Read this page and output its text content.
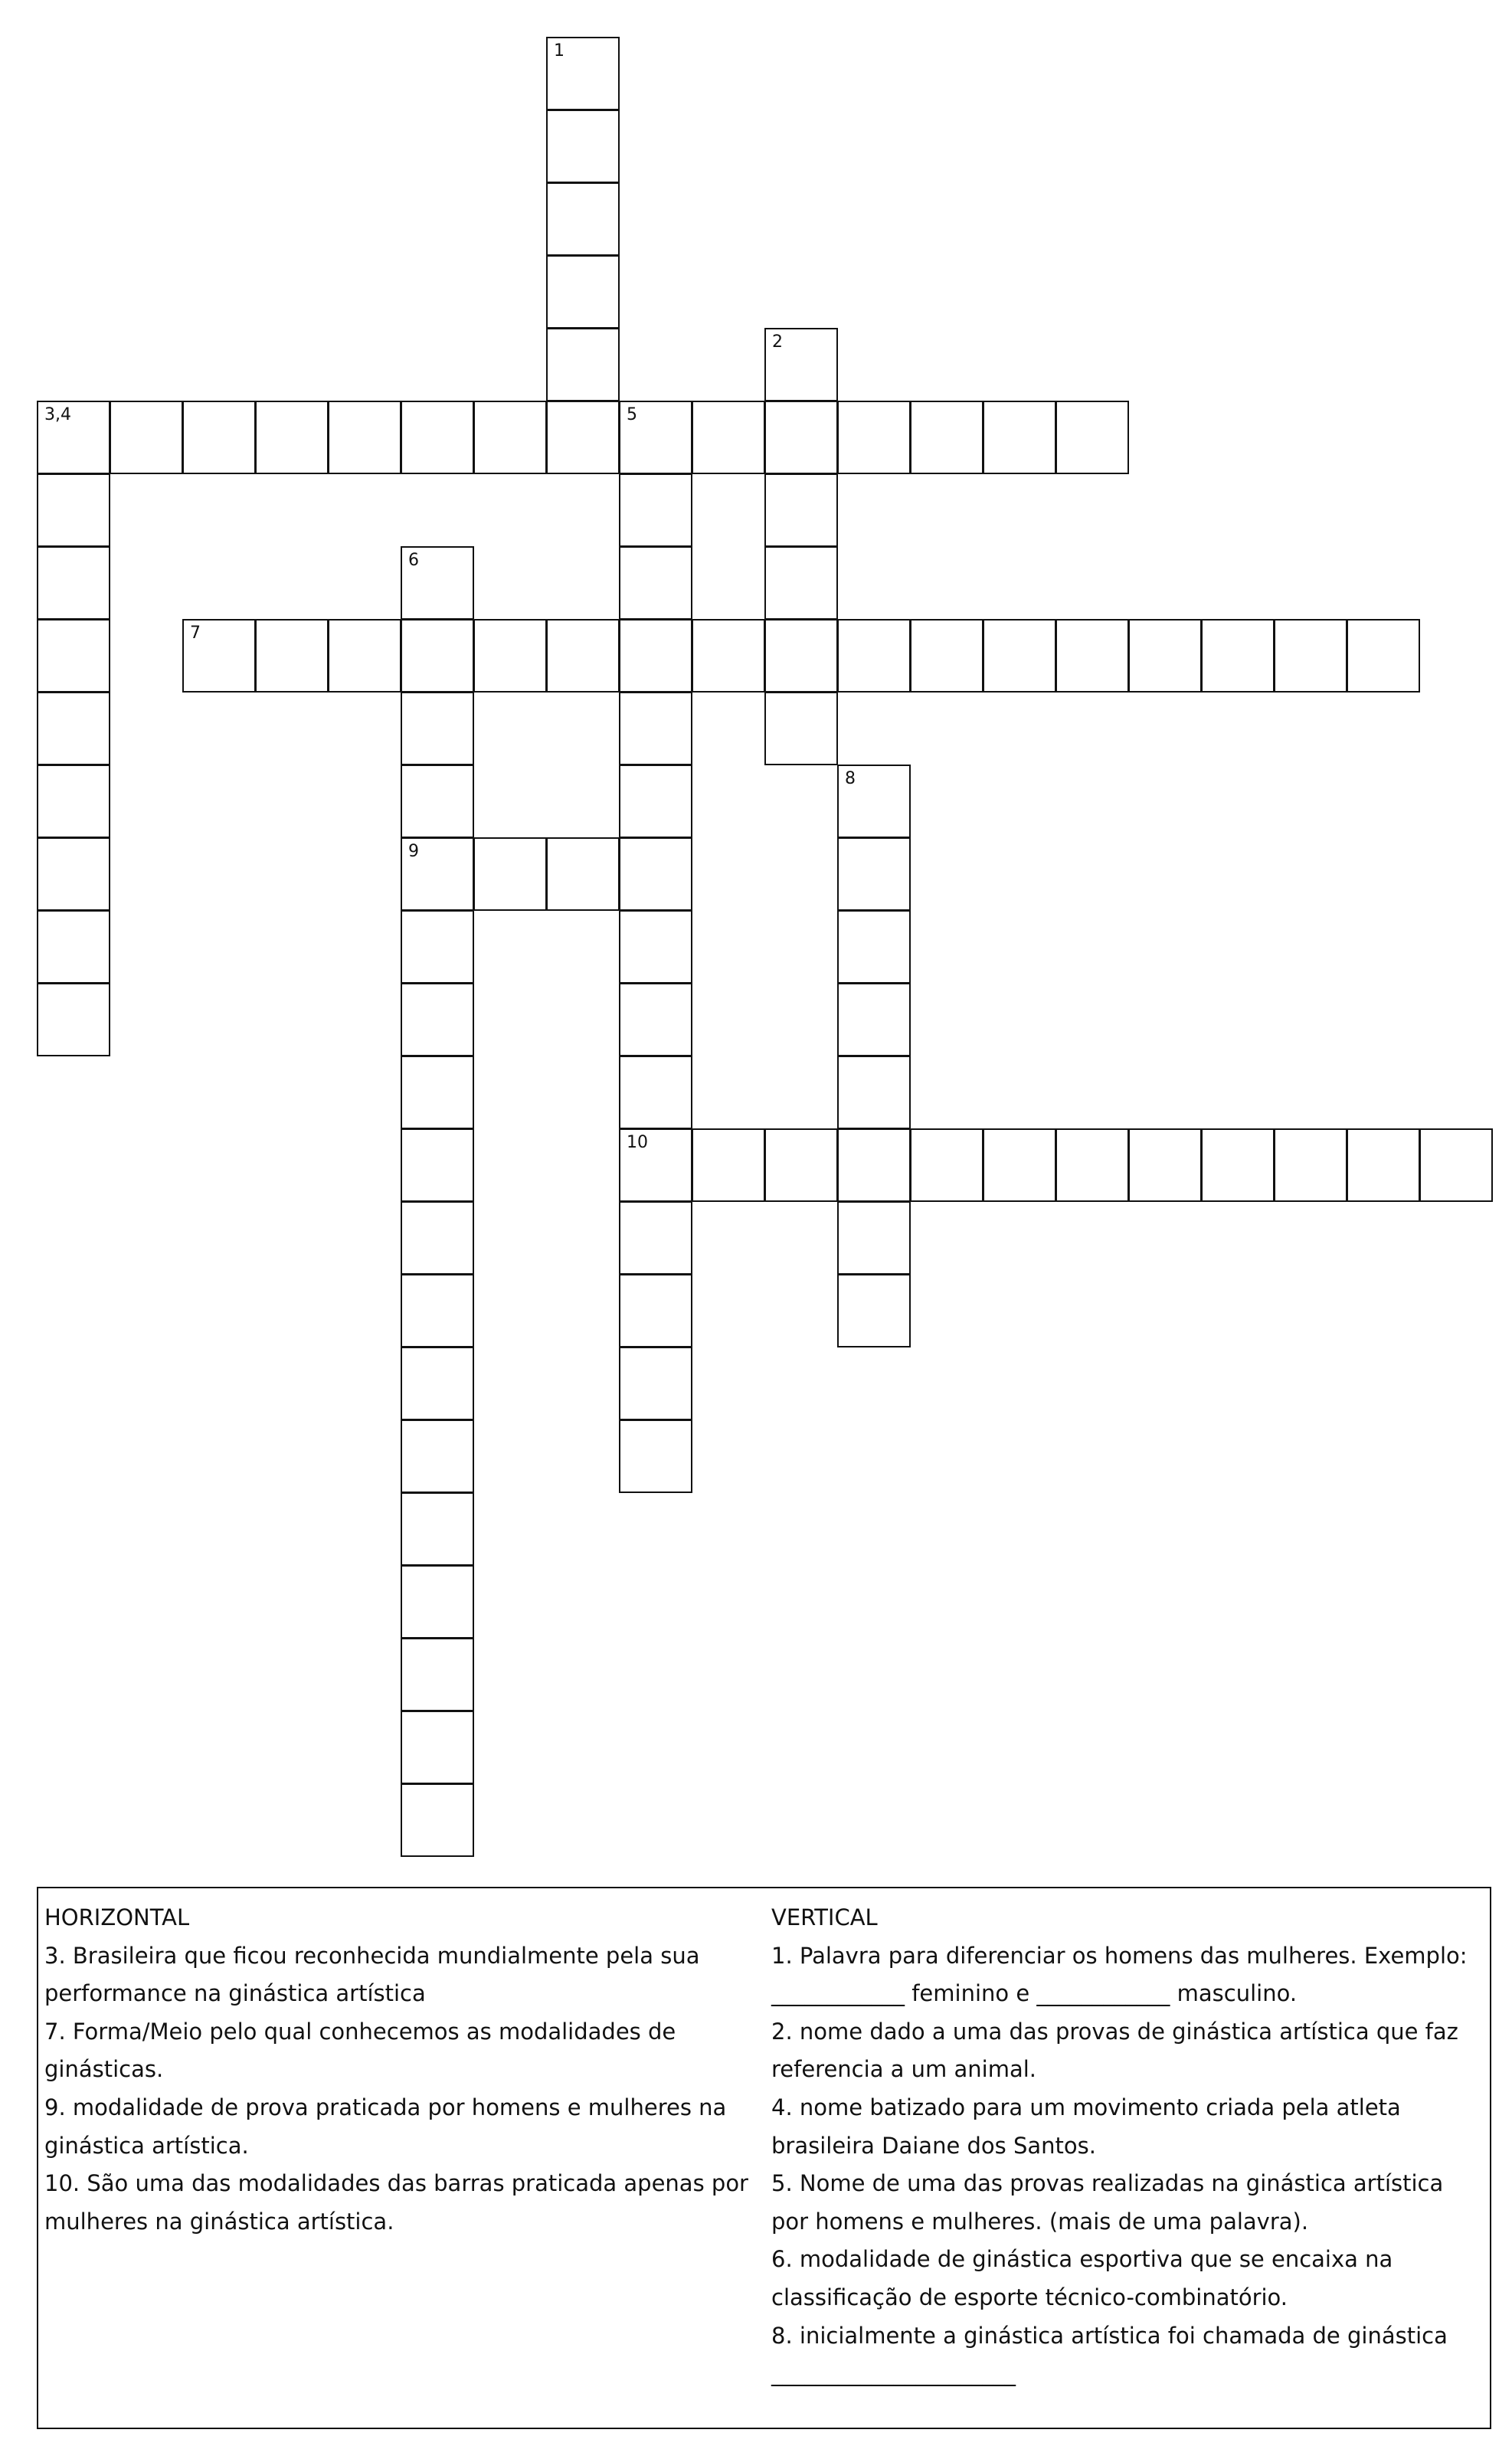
1
2
3,4	5
10
6
9
7
8

HORIZONTAL

3. Brasileira que ficou reconhecida mundialmente pela sua performance na ginástica artística

7. Forma/Meio pelo qual conhecemos as modalidades de ginásticas.

9. modalidade de prova praticada por homens e mulheres na ginástica artística.

10. São uma das modalidades das barras praticada apenas por mulheres na ginástica artística.

VERTICAL

1. Palavra para diferenciar os homens das mulheres. Exemplo: ____________ feminino e ____________ masculino.

2. nome dado a uma das provas de ginástica artística que faz referencia a um animal.

4. nome batizado para um movimento criada pela atleta brasileira Daiane dos Santos.

5. Nome de uma das provas realizadas na ginástica artística por homens e mulheres. (mais de uma palavra).

6. modalidade de ginástica esportiva que se encaixa na classificação de esporte técnico-combinatório.

8. inicialmente a ginástica artística foi chamada de ginástica ______________________
